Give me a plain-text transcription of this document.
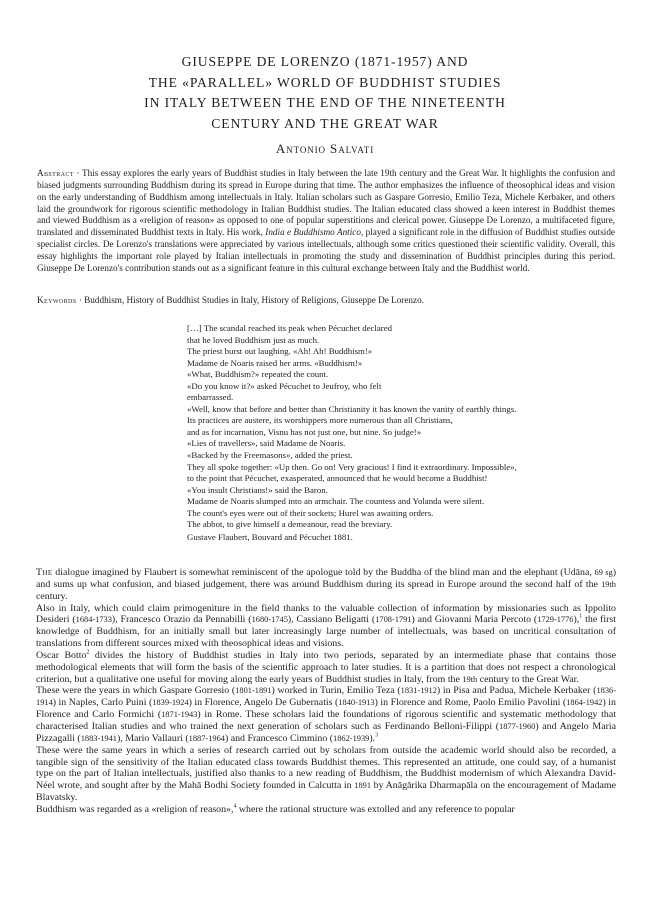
GIUSEPPE DE LORENZO (1871-1957) AND
THE «PARALLEL» WORLD OF BUDDHIST STUDIES
IN ITALY BETWEEN THE END OF THE NINETEENTH
CENTURY AND THE GREAT WAR

Antonio Salvati

Abstract · This essay explores the early years of Buddhist studies in Italy between the late 19th century and the Great War. It highlights the confusion and biased judgments surrounding Buddhism during its spread in Europe during that time. The author emphasizes the influence of theosophical ideas and vision on the early understanding of Buddhism among intellectuals in Italy. Italian scholars such as Gaspare Gorresio, Emilio Teza, Michele Kerbaker, and others laid the groundwork for rigorous scientific methodology in Italian Buddhist studies. The Italian educated class showed a keen interest in Buddhist themes and viewed Buddhism as a «religion of reason» as opposed to one of popular superstitions and clerical power. Giuseppe De Lorenzo, a multifaceted figure, translated and disseminated Buddhist texts in Italy. His work, India e Buddhismo Antico, played a significant role in the diffusion of Buddhist studies outside specialist circles. De Lorenzo's translations were appreciated by various intellectuals, although some critics questioned their scientific validity. Overall, this essay highlights the important role played by Italian intellectuals in promoting the study and dissemination of Buddhist principles during this period. Giuseppe De Lorenzo's contribution stands out as a significant feature in this cultural exchange between Italy and the Buddhist world.

Keywords · Buddhism, History of Buddhist Studies in Italy, History of Religions, Giuseppe De Lorenzo.

[…] The scandal reached its peak when Pécuchet declared
that he loved Buddhism just as much.
The priest burst out laughing. «Ah! Ah! Buddhism!»
Madame de Noaris raised her arms. «Buddhism!»
«What, Buddhism?» repeated the count.
«Do you know it?» asked Pécuchet to Jeufroy, who felt
embarrassed.
«Well, know that before and better than Christianity it has known the vanity of earthly things.
Its practices are austere, its worshippers more numerous than all Christians,
and as for incarnation, Visnu has not just one, but nine. So judge!»
«Lies of travellers», said Madame de Noaris.
«Backed by the Freemasons», added the priest.
They all spoke together: «Up then. Go on! Very gracious! I find it extraordinary. Impossible»,
to the point that Pécuchet, exasperated, announced that he would become a Buddhist!
«You insult Christians!» said the Baron.
Madame de Noaris slumped into an armchair. The countess and Yolanda were silent.
The count's eyes were out of their sockets; Hurel was awaiting orders.
The abbot, to give himself a demeanour, read the breviary.
Gustave Flaubert, Bouvard and Pécuchet 1881.

The dialogue imagined by Flaubert is somewhat reminiscent of the apologue told by the Buddha of the blind man and the elephant (Udāna, 69 sg) and sums up what confusion, and biased judgement, there was around Buddhism during its spread in Europe around the second half of the 19th century.

Also in Italy, which could claim primogeniture in the field thanks to the valuable collection of information by missionaries such as Ippolito Desideri (1684-1733), Francesco Orazio da Pennabilli (1680-1745), Cassiano Beligatti (1708-1791) and Giovanni Maria Percoto (1729-1776),$^1$ the first knowledge of Buddhism, for an initially small but later increasingly large number of intellectuals, was based on uncritical consultation of translations from different sources mixed with theosophical ideas and visions.

Oscar Botto$^2$ divides the history of Buddhist studies in Italy into two periods, separated by an intermediate phase that contains those methodological elements that will form the basis of the scientific approach to later studies. It is a partition that does not respect a chronological criterion, but a qualitative one useful for moving along the early years of Buddhist studies in Italy, from the 19th century to the Great War.

These were the years in which Gaspare Gorresio (1801-1891) worked in Turin, Emilio Teza (1831-1912) in Pisa and Padua, Michele Kerbaker (1836-1914) in Naples, Carlo Puini (1839-1924) in Florence, Angelo De Gubernatis (1840-1913) in Florence and Rome, Paolo Emilio Pavolini (1864-1942) in Florence and Carlo Formichi (1871-1943) in Rome. These scholars laid the foundations of rigorous scientific and systematic methodology that characterised Italian studies and who trained the next generation of scholars such as Ferdinando Belloni-Filippi (1877-1960) and Angelo Maria Pizzagalli (1883-1941), Mario Vallauri (1887-1964) and Francesco Cimmino (1862-1939).$^3$

These were the same years in which a series of research carried out by scholars from outside the academic world should also be recorded, a tangible sign of the sensitivity of the Italian educated class towards Buddhist themes. This represented an attitude, one could say, of a humanist type on the part of Italian intellectuals, justified also thanks to a new reading of Buddhism, the Buddhist modernism of which Alexandra David-Néel wrote, and sought after by the Mahā Bodhi Society founded in Calcutta in 1891 by Anāgārika Dharmapāla on the encouragement of Madame Blavatsky.

Buddhism was regarded as a «religion of reason»,$^4$ where the rational structure was extolled and any reference to popular
